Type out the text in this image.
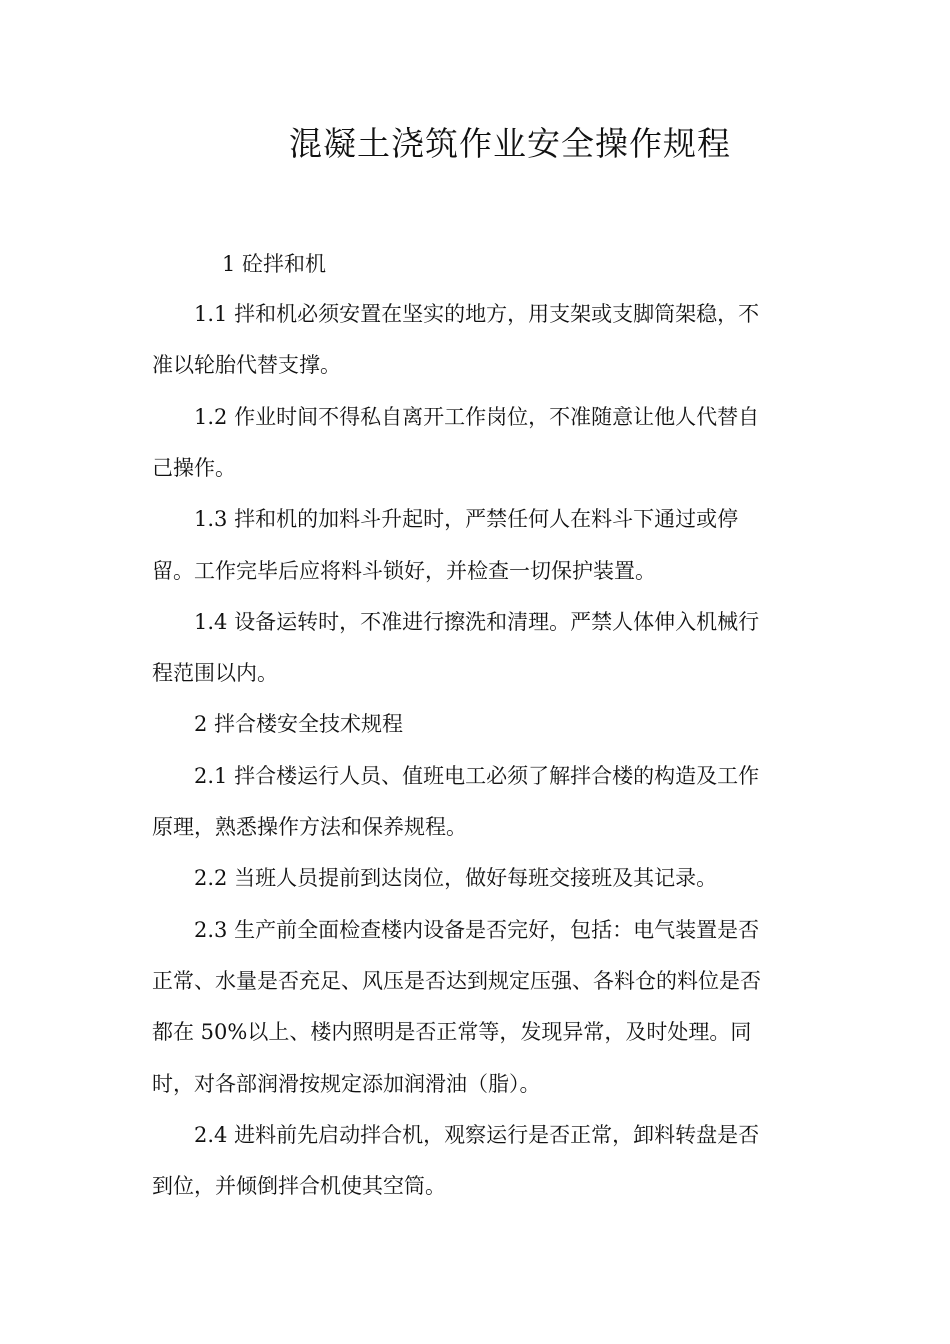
混凝土浇筑作业安全操作规程

1 砼拌和机

1.1 拌和机必须安置在坚实的地方，用支架或支脚筒架稳，不

准以轮胎代替支撑。

1.2 作业时间不得私自离开工作岗位，不准随意让他人代替自

己操作。

1.3 拌和机的加料斗升起时，严禁任何人在料斗下通过或停

留。工作完毕后应将料斗锁好，并检查一切保护装置。

1.4 设备运转时，不准进行擦洗和清理。严禁人体伸入机械行

程范围以内。

2 拌合楼安全技术规程

2.1 拌合楼运行人员、值班电工必须了解拌合楼的构造及工作

原理，熟悉操作方法和保养规程。

2.2 当班人员提前到达岗位，做好每班交接班及其记录。

2.3 生产前全面检查楼内设备是否完好，包括：电气装置是否

正常、水量是否充足、风压是否达到规定压强、各料仓的料位是否

都在 50%以上、楼内照明是否正常等，发现异常，及时处理。同

时，对各部润滑按规定添加润滑油（脂）。

2.4 进料前先启动拌合机，观察运行是否正常，卸料转盘是否

到位，并倾倒拌合机使其空筒。
